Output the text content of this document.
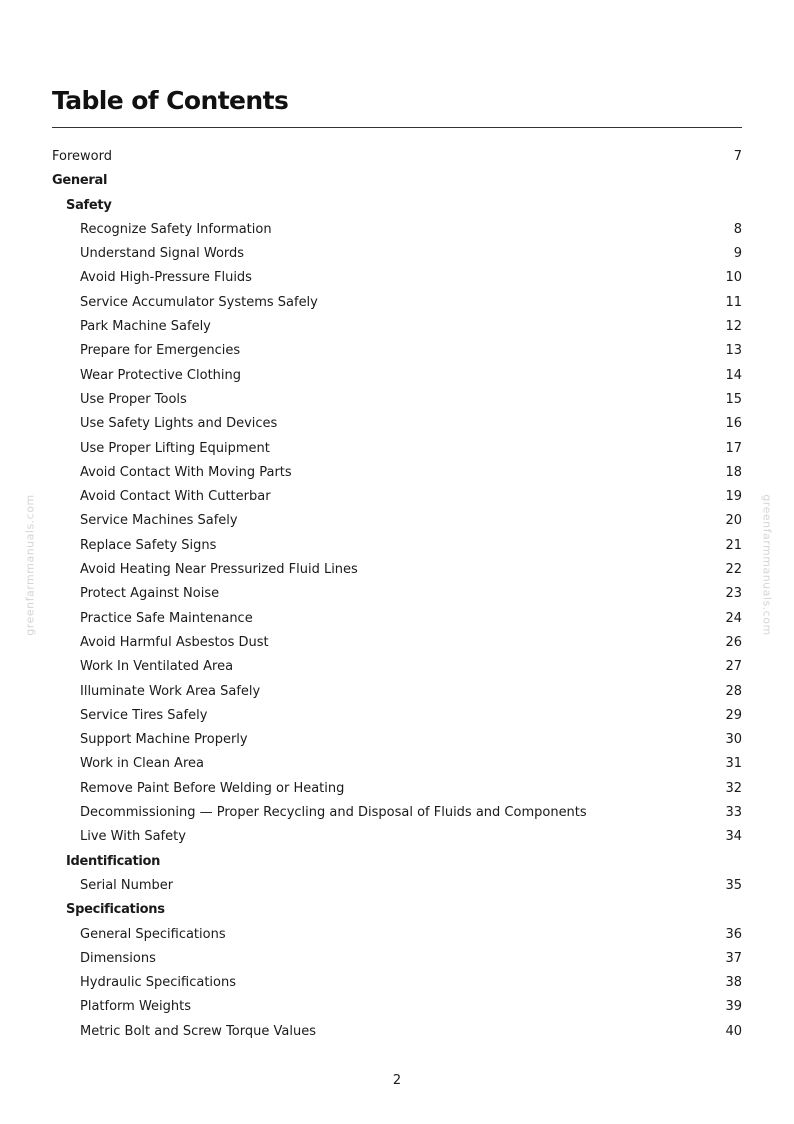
Table of Contents
Foreword	7
General
Safety
Recognize Safety Information	8
Understand Signal Words	9
Avoid High-Pressure Fluids	10
Service Accumulator Systems Safely	11
Park Machine Safely	12
Prepare for Emergencies	13
Wear Protective Clothing	14
Use Proper Tools	15
Use Safety Lights and Devices	16
Use Proper Lifting Equipment	17
Avoid Contact With Moving Parts	18
Avoid Contact With Cutterbar	19
Service Machines Safely	20
Replace Safety Signs	21
Avoid Heating Near Pressurized Fluid Lines	22
Protect Against Noise	23
Practice Safe Maintenance	24
Avoid Harmful Asbestos Dust	26
Work In Ventilated Area	27
Illuminate Work Area Safely	28
Service Tires Safely	29
Support Machine Properly	30
Work in Clean Area	31
Remove Paint Before Welding or Heating	32
Decommissioning — Proper Recycling and Disposal of Fluids and Components	33
Live With Safety	34
Identification
Serial Number	35
Specifications
General Specifications	36
Dimensions	37
Hydraulic Specifications	38
Platform Weights	39
Metric Bolt and Screw Torque Values	40
greenfarmmanuals.com	greenfarmmanuals.com
2
